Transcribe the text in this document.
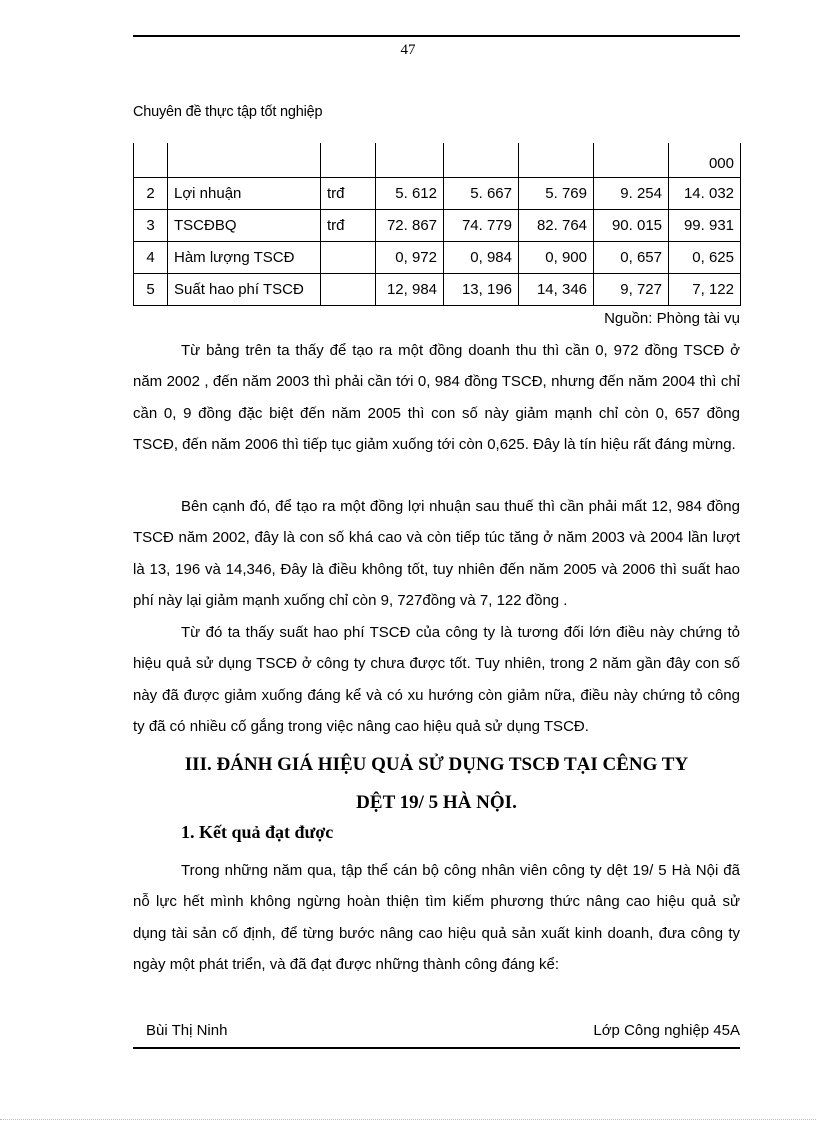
47
Chuyên đề thực tập tốt nghiệp
							000
2	Lợi nhuận	trđ	5. 612	5. 667	5. 769	9. 254	14. 032
3	TSCĐBQ	trđ	72. 867	74. 779	82. 764	90. 015	99. 931
4	Hàm lượng TSCĐ		0, 972	0, 984	0, 900	0, 657	0, 625
5	Suất hao phí TSCĐ		12, 984	13, 196	14, 346	9, 727	7, 122
Nguồn: Phòng tài vụ

Từ bảng trên ta thấy để tạo ra một đồng doanh thu thì cần 0, 972 đồng TSCĐ ở năm 2002 , đến năm 2003 thì phải cần tới 0, 984 đồng TSCĐ, nhưng đến năm 2004 thì chỉ cần 0, 9 đồng đặc biệt đến năm 2005 thì con số này giảm mạnh chỉ còn 0, 657 đồng TSCĐ, đến năm 2006 thì tiếp tục giảm xuống tới còn 0,625. Đây là tín hiệu rất đáng mừng.

Bên cạnh đó, để tạo ra một đồng lợi nhuận sau thuế thì cần phải mất 12, 984 đồng TSCĐ năm 2002, đây là con số khá cao và còn tiếp túc tăng ở năm 2003 và 2004 lần lượt là 13, 196 và 14,346, Đây là điều không tốt, tuy nhiên đến năm 2005 và 2006 thì suất hao phí này lại giảm mạnh xuống chỉ còn 9, 727đồng và 7, 122 đồng .

Từ đó ta thấy suất hao phí TSCĐ của công ty là tương đối lớn điều này chứng tỏ hiệu quả sử dụng TSCĐ ở công ty chưa được tốt. Tuy nhiên, trong 2 năm gần đây con số này đã được giảm xuống đáng kể và có xu hướng còn giảm nữa, điều này chứng tỏ công ty đã có nhiều cố gắng trong việc nâng cao hiệu quả sử dụng TSCĐ.

III. ĐÁNH GIÁ HIỆU QUẢ SỬ DỤNG TSCĐ TẠI CÊNG TY
DỆT 19/ 5 HÀ NỘI.
1. Kết quả đạt được

Trong những năm qua, tập thể cán bộ công nhân viên công ty dệt 19/ 5 Hà Nội đã nỗ lực hết mình không ngừng hoàn thiện tìm kiếm phương thức nâng cao hiệu quả sử dụng tài sản cố định, để từng bước nâng cao hiệu quả sản xuất kinh doanh, đưa công ty ngày một phát triển, và đã đạt được những thành công đáng kể:

Bùi Thị Ninh	Lớp Công nghiệp 45A
